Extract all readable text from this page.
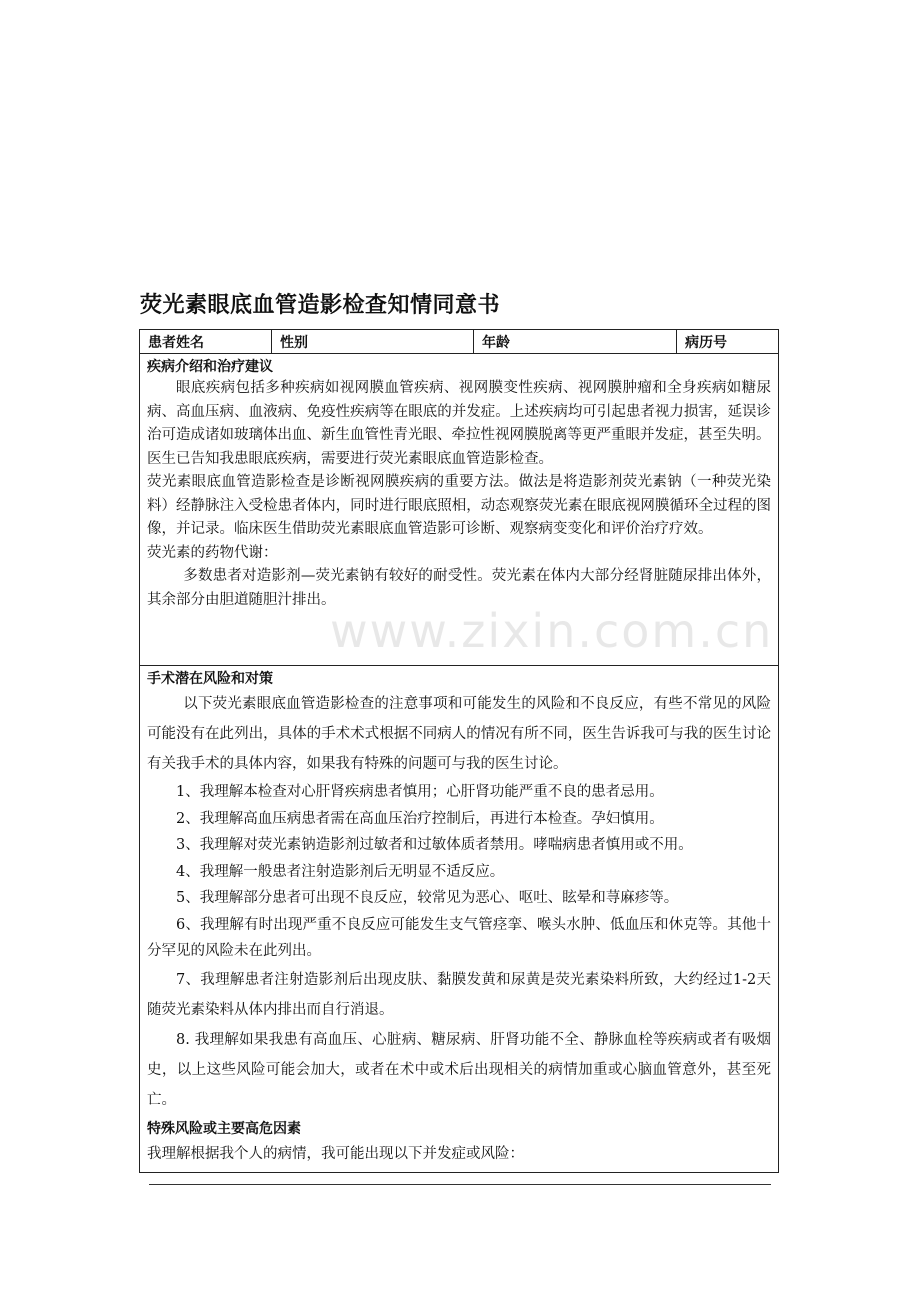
荧光素眼底血管造影检查知情同意书
患者姓名	性别	年龄	病历号
疾病介绍和治疗建议

眼底疾病包括多种疾病如视网膜血管疾病、视网膜变性疾病、视网膜肿瘤和全身疾病如糖尿病、高血压病、血液病、免疫性疾病等在眼底的并发症。上述疾病均可引起患者视力损害，延误诊治可造成诸如玻璃体出血、新生血管性青光眼、牵拉性视网膜脱离等更严重眼并发症，甚至失明。

医生已告知我患眼底疾病，需要进行荧光素眼底血管造影检查。

荧光素眼底血管造影检查是诊断视网膜疾病的重要方法。做法是将造影剂荧光素钠（一种荧光染料）经静脉注入受检患者体内，同时进行眼底照相，动态观察荧光素在眼底视网膜循环全过程的图像，并记录。临床医生借助荧光素眼底血管造影可诊断、观察病变变化和评价治疗疗效。

荧光素的药物代谢：

多数患者对造影剂—荧光素钠有较好的耐受性。荧光素在体内大部分经肾脏随尿排出体外，其余部分由胆道随胆汁排出。

手术潜在风险和对策

以下荧光素眼底血管造影检查的注意事项和可能发生的风险和不良反应，有些不常见的风险可能没有在此列出，具体的手术术式根据不同病人的情况有所不同，医生告诉我可与我的医生讨论有关我手术的具体内容，如果我有特殊的问题可与我的医生讨论。

1、我理解本检查对心肝肾疾病患者慎用；心肝肾功能严重不良的患者忌用。

2、我理解高血压病患者需在高血压治疗控制后，再进行本检查。孕妇慎用。

3、我理解对荧光素钠造影剂过敏者和过敏体质者禁用。哮喘病患者慎用或不用。

4、我理解一般患者注射造影剂后无明显不适反应。

5、我理解部分患者可出现不良反应，较常见为恶心、呕吐、眩晕和荨麻疹等。

6、我理解有时出现严重不良反应可能发生支气管痉挛、喉头水肿、低血压和休克等。其他十分罕见的风险未在此列出。

7、我理解患者注射造影剂后出现皮肤、黏膜发黄和尿黄是荧光素染料所致，大约经过1-2天随荧光素染料从体内排出而自行消退。

8. 我理解如果我患有高血压、心脏病、糖尿病、肝肾功能不全、静脉血栓等疾病或者有吸烟史，以上这些风险可能会加大，或者在术中或术后出现相关的病情加重或心脑血管意外，甚至死亡。

特殊风险或主要高危因素

我理解根据我个人的病情，我可能出现以下并发症或风险：

www.zixin.com.cn
